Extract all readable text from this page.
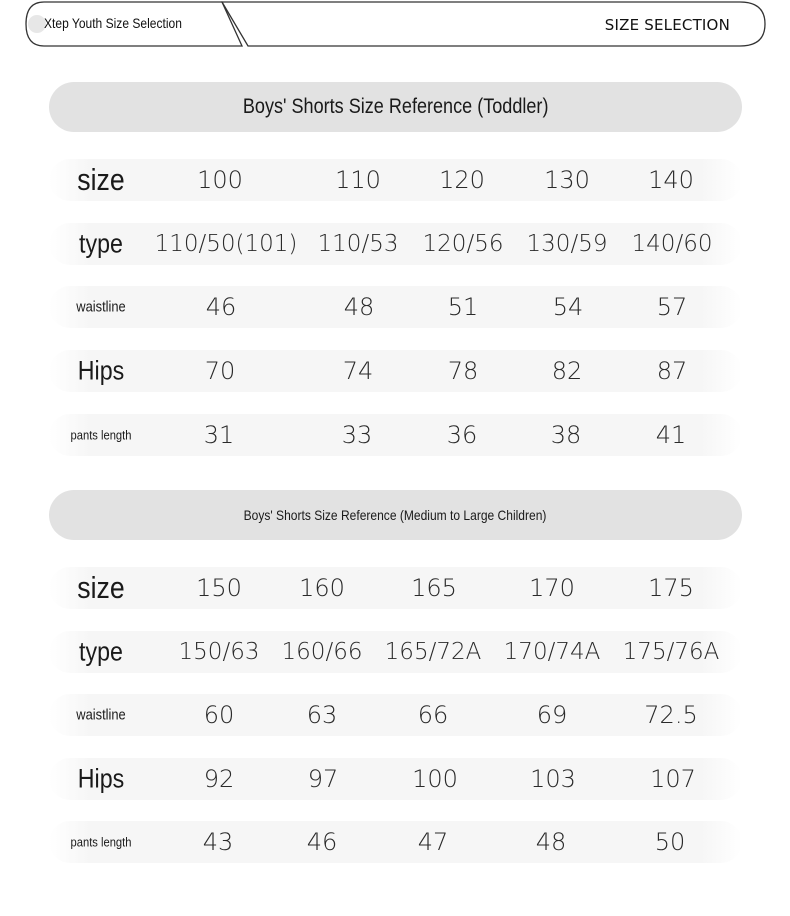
Xtep Youth Size Selection	SIZE SELECTION
Boys' Shorts Size Reference (Toddler)
size	100	110 120 130 140
type	110/50(101) 110/53 120/56 130/59 140/60
waistline	46	48	51	54	57
Hips	70	74	78	82	87
pants length	31	33	36	38	41
Boys' Shorts Size Reference (Medium to Large Children)
size	150 160	165	170	175
type	150/63 160/66 165/72A 170/74A 175/76A
waistline	60	63	66	69	72.5
Hips	92	97	100	103	107
pants length	43	46	47	48	50
